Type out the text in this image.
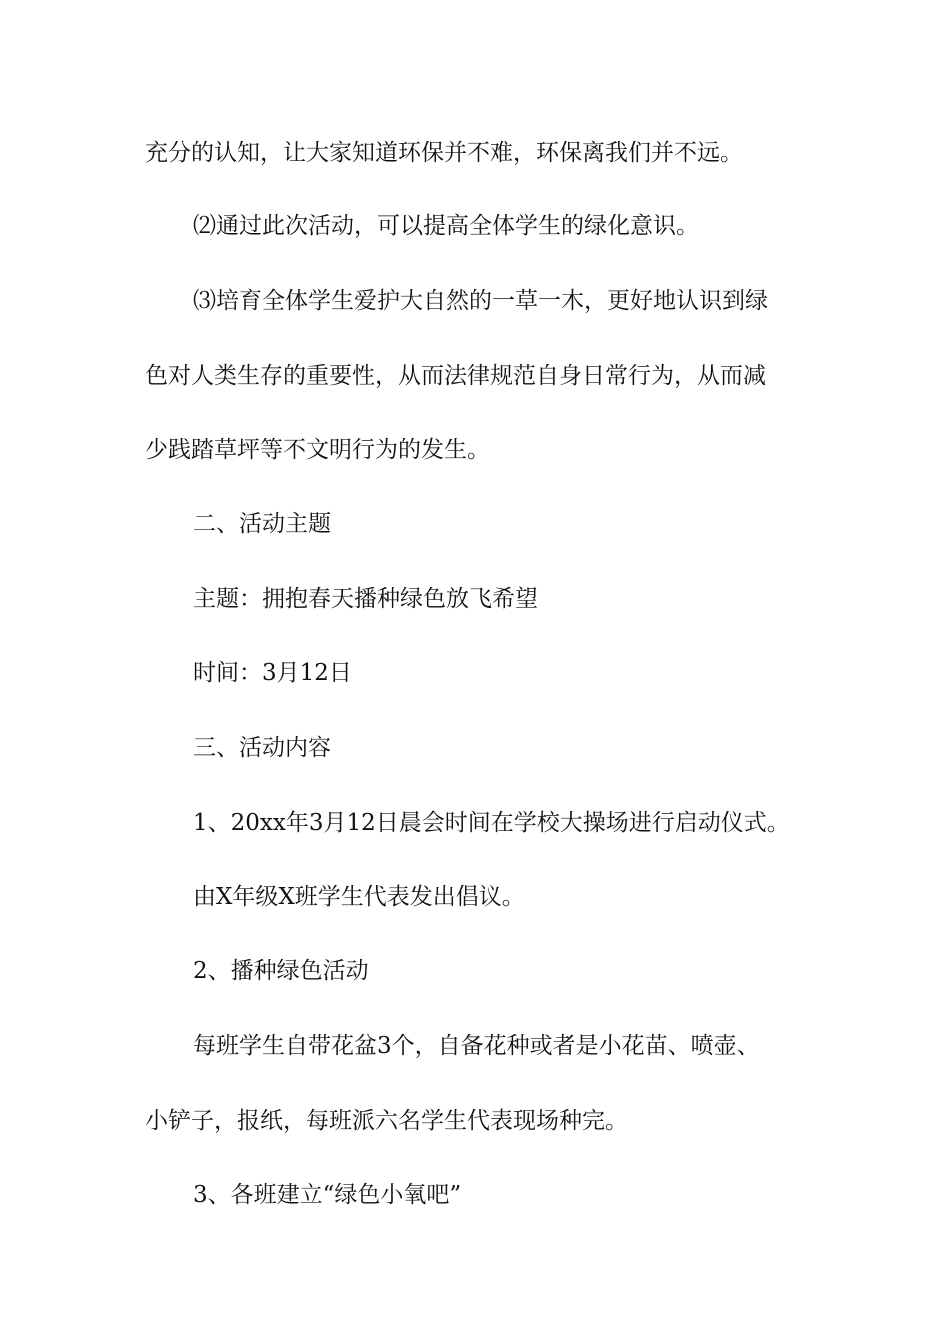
充分的认知，让大家知道环保并不难，环保离我们并不远。
⑵通过此次活动，可以提高全体学生的绿化意识。
⑶培育全体学生爱护大自然的一草一木，更好地认识到绿
色对人类生存的重要性，从而法律规范自身日常行为，从而减
少践踏草坪等不文明行为的发生。
二、活动主题
主题：拥抱春天播种绿色放飞希望
时间：3月12日
三、活动内容
1、20xx年3月12日晨会时间在学校大操场进行启动仪式。
由X年级X班学生代表发出倡议。
2、播种绿色活动
每班学生自带花盆3个，自备花种或者是小花苗、喷壶、
小铲子，报纸，每班派六名学生代表现场种完。
3、各班建立“绿色小氧吧”
